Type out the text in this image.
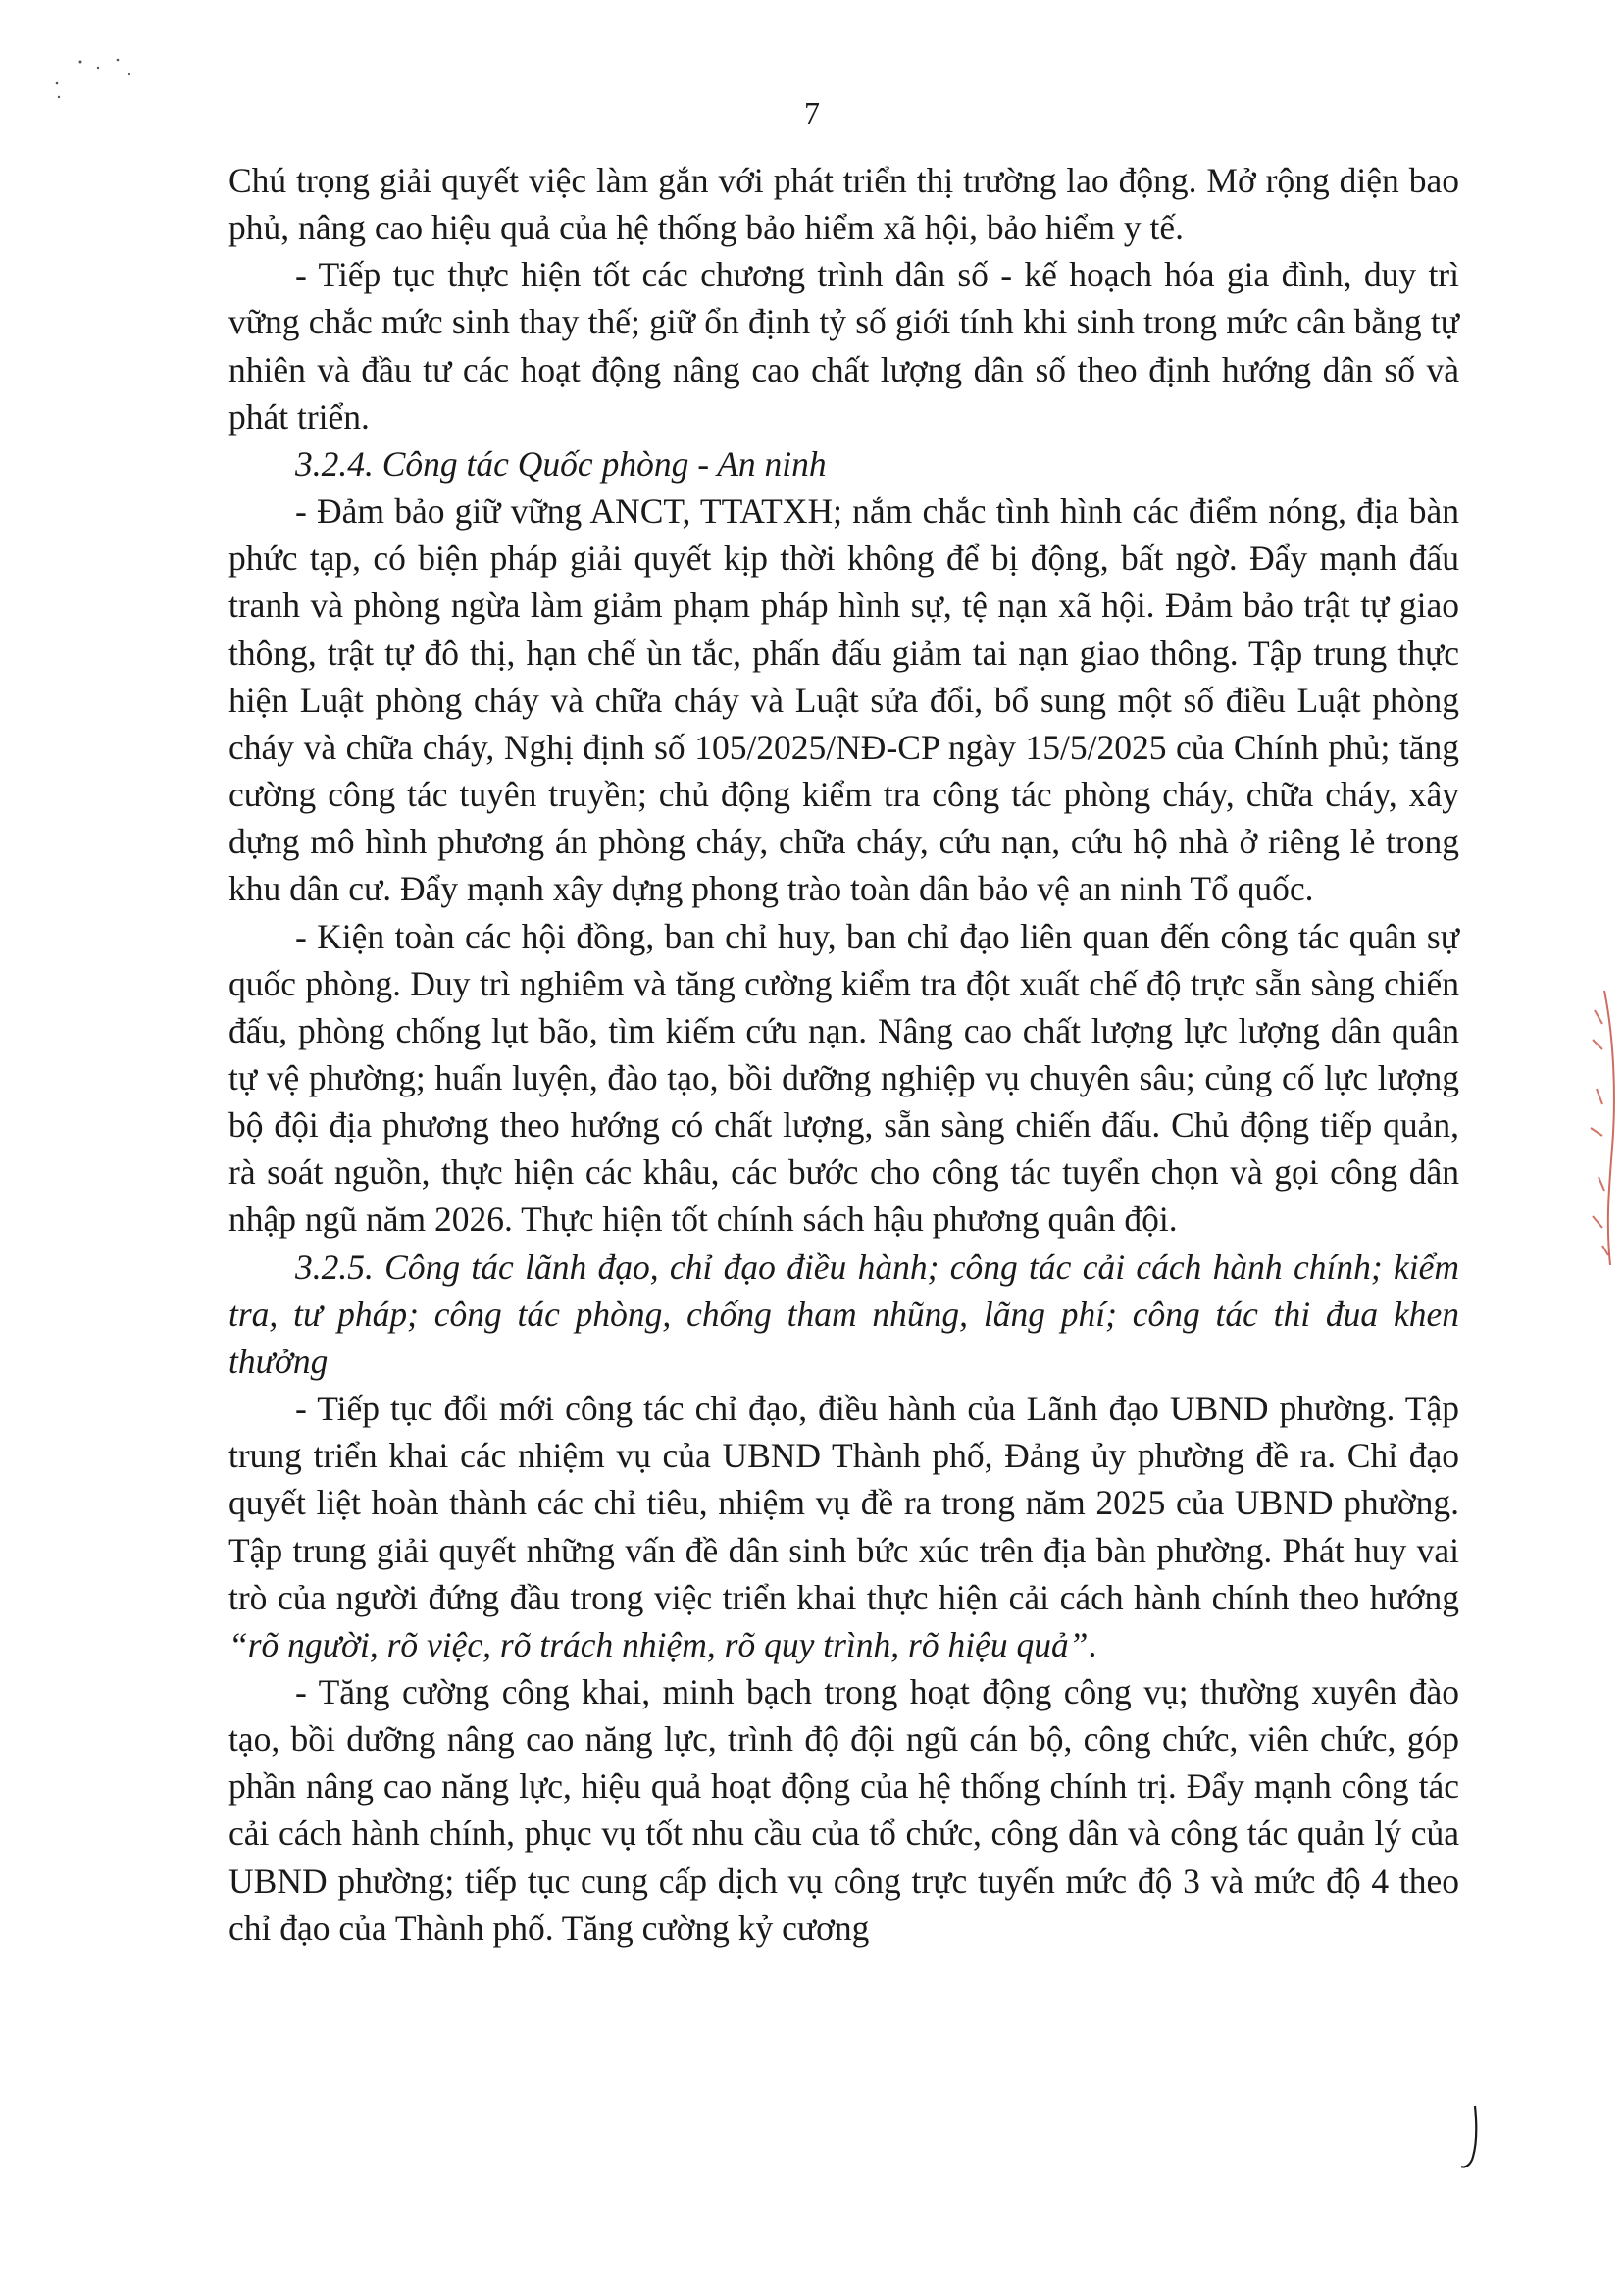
7

Chú trọng giải quyết việc làm gắn với phát triển thị trường lao động. Mở rộng diện bao phủ, nâng cao hiệu quả của hệ thống bảo hiểm xã hội, bảo hiểm y tế.

- Tiếp tục thực hiện tốt các chương trình dân số - kế hoạch hóa gia đình, duy trì vững chắc mức sinh thay thế; giữ ổn định tỷ số giới tính khi sinh trong mức cân bằng tự nhiên và đầu tư các hoạt động nâng cao chất lượng dân số theo định hướng dân số và phát triển.

3.2.4. Công tác Quốc phòng - An ninh

- Đảm bảo giữ vững ANCT, TTATXH; nắm chắc tình hình các điểm nóng, địa bàn phức tạp, có biện pháp giải quyết kịp thời không để bị động, bất ngờ. Đẩy mạnh đấu tranh và phòng ngừa làm giảm phạm pháp hình sự, tệ nạn xã hội. Đảm bảo trật tự giao thông, trật tự đô thị, hạn chế ùn tắc, phấn đấu giảm tai nạn giao thông. Tập trung thực hiện Luật phòng cháy và chữa cháy và Luật sửa đổi, bổ sung một số điều Luật phòng cháy và chữa cháy, Nghị định số 105/2025/NĐ-CP ngày 15/5/2025 của Chính phủ; tăng cường công tác tuyên truyền; chủ động kiểm tra công tác phòng cháy, chữa cháy, xây dựng mô hình phương án phòng cháy, chữa cháy, cứu nạn, cứu hộ nhà ở riêng lẻ trong khu dân cư. Đẩy mạnh xây dựng phong trào toàn dân bảo vệ an ninh Tổ quốc.

- Kiện toàn các hội đồng, ban chỉ huy, ban chỉ đạo liên quan đến công tác quân sự quốc phòng. Duy trì nghiêm và tăng cường kiểm tra đột xuất chế độ trực sẵn sàng chiến đấu, phòng chống lụt bão, tìm kiếm cứu nạn. Nâng cao chất lượng lực lượng dân quân tự vệ phường; huấn luyện, đào tạo, bồi dưỡng nghiệp vụ chuyên sâu; củng cố lực lượng bộ đội địa phương theo hướng có chất lượng, sẵn sàng chiến đấu. Chủ động tiếp quản, rà soát nguồn, thực hiện các khâu, các bước cho công tác tuyển chọn và gọi công dân nhập ngũ năm 2026. Thực hiện tốt chính sách hậu phương quân đội.

3.2.5. Công tác lãnh đạo, chỉ đạo điều hành; công tác cải cách hành chính; kiểm tra, tư pháp; công tác phòng, chống tham nhũng, lãng phí; công tác thi đua khen thưởng

- Tiếp tục đổi mới công tác chỉ đạo, điều hành của Lãnh đạo UBND phường. Tập trung triển khai các nhiệm vụ của UBND Thành phố, Đảng ủy phường đề ra. Chỉ đạo quyết liệt hoàn thành các chỉ tiêu, nhiệm vụ đề ra trong năm 2025 của UBND phường. Tập trung giải quyết những vấn đề dân sinh bức xúc trên địa bàn phường. Phát huy vai trò của người đứng đầu trong việc triển khai thực hiện cải cách hành chính theo hướng “rõ người, rõ việc, rõ trách nhiệm, rõ quy trình, rõ hiệu quả”.

- Tăng cường công khai, minh bạch trong hoạt động công vụ; thường xuyên đào tạo, bồi dưỡng nâng cao năng lực, trình độ đội ngũ cán bộ, công chức, viên chức, góp phần nâng cao năng lực, hiệu quả hoạt động của hệ thống chính trị. Đẩy mạnh công tác cải cách hành chính, phục vụ tốt nhu cầu của tổ chức, công dân và công tác quản lý của UBND phường; tiếp tục cung cấp dịch vụ công trực tuyến mức độ 3 và mức độ 4 theo chỉ đạo của Thành phố. Tăng cường kỷ cương
